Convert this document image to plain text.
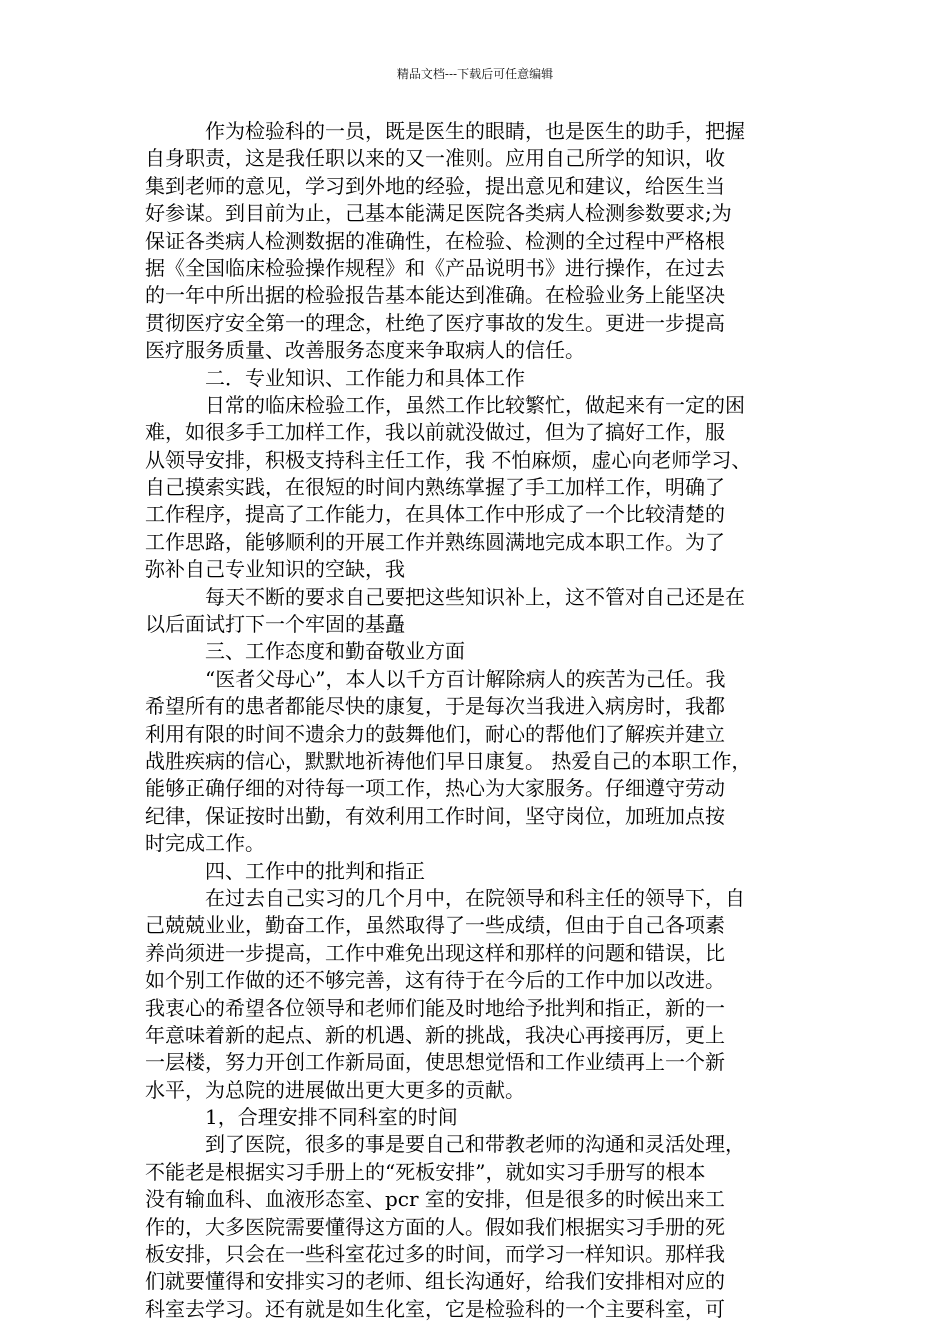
精品文档---下载后可任意编辑
作为检验科的一员，既是医生的眼睛，也是医生的助手，把握
自身职责，这是我任职以来的又一准则。应用自己所学的知识，收
集到老师的意见，学习到外地的经验，提出意见和建议，给医生当
好参谋。到目前为止，己基本能满足医院各类病人检测参数要求;为
保证各类病人检测数据的准确性，在检验、检测的全过程中严格根
据《全国临床检验操作规程》和《产品说明书》进行操作，在过去
的一年中所出据的检验报告基本能达到准确。在检验业务上能坚决
贯彻医疗安全第一的理念，杜绝了医疗事故的发生。更进一步提高
医疗服务质量、改善服务态度来争取病人的信任。
二．专业知识、工作能力和具体工作
日常的临床检验工作，虽然工作比较繁忙，做起来有一定的困
难，如很多手工加样工作，我以前就没做过，但为了搞好工作，服
从领导安排，积极支持科主任工作，我 不怕麻烦，虚心向老师学习、
自己摸索实践，在很短的时间内熟练掌握了手工加样工作，明确了
工作程序，提高了工作能力，在具体工作中形成了一个比较清楚的
工作思路，能够顺利的开展工作并熟练圆满地完成本职工作。为了
弥补自己专业知识的空缺，我
每天不断的要求自己要把这些知识补上，这不管对自己还是在
以后面试打下一个牢固的基矗
三、工作态度和勤奋敬业方面
“医者父母心”，本人以千方百计解除病人的疾苦为己任。我
希望所有的患者都能尽快的康复，于是每次当我进入病房时，我都
利用有限的时间不遗余力的鼓舞他们，耐心的帮他们了解疾并建立
战胜疾病的信心，默默地祈祷他们早日康复。 热爱自己的本职工作，
能够正确仔细的对待每一项工作，热心为大家服务。仔细遵守劳动
纪律，保证按时出勤，有效利用工作时间，坚守岗位，加班加点按
时完成工作。
四、工作中的批判和指正
在过去自己实习的几个月中，在院领导和科主任的领导下，自
己兢兢业业，勤奋工作，虽然取得了一些成绩，但由于自己各项素
养尚须进一步提高，工作中难免出现这样和那样的问题和错误，比
如个别工作做的还不够完善，这有待于在今后的工作中加以改进。
我衷心的希望各位领导和老师们能及时地给予批判和指正，新的一
年意味着新的起点、新的机遇、新的挑战，我决心再接再厉，更上
一层楼，努力开创工作新局面，使思想觉悟和工作业绩再上一个新
水平，为总院的进展做出更大更多的贡献。
1，合理安排不同科室的时间
到了医院，很多的事是要自己和带教老师的沟通和灵活处理，
不能老是根据实习手册上的“死板安排”，就如实习手册写的根本
没有输血科、血液形态室、pcr 室的安排，但是很多的时候出来工
作的，大多医院需要懂得这方面的人。假如我们根据实习手册的死
板安排，只会在一些科室花过多的时间，而学习一样知识。那样我
们就要懂得和安排实习的老师、组长沟通好，给我们安排相对应的
科室去学习。还有就是如生化室，它是检验科的一个主要科室，可
